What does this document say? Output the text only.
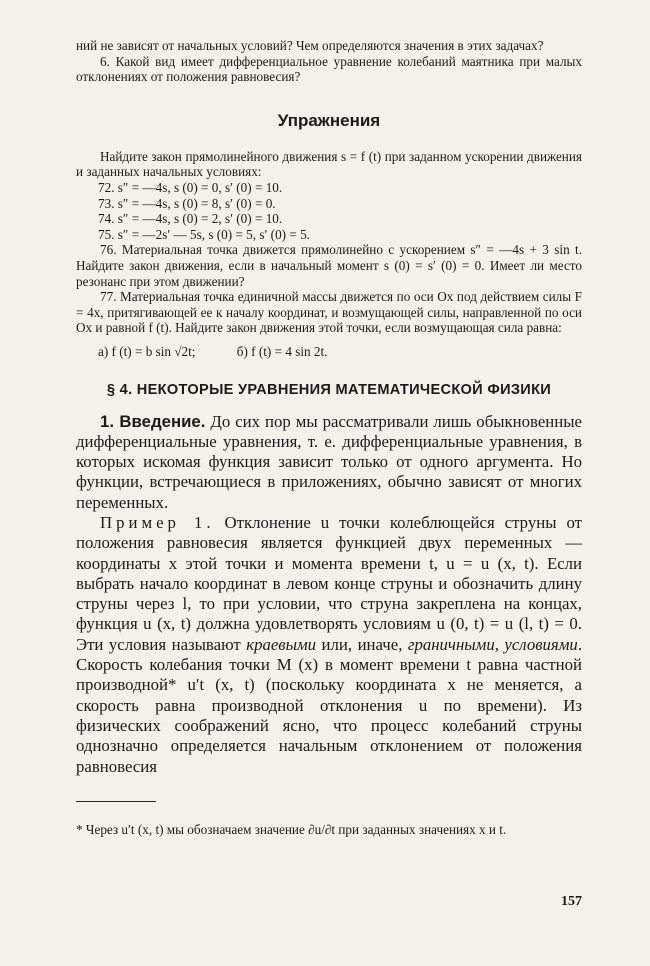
ний не зависят от начальных условий? Чем определяются значения в этих задачах?

6. Какой вид имеет дифференциальное уравнение колебаний маятника при малых отклонениях от положения равновесия?

Упражнения

Найдите закон прямолинейного движения s = f (t) при заданном ускорении движения и заданных начальных условиях:

72. s″ = —4s, s (0) = 0, s′ (0) = 10.

73. s″ = —4s, s (0) = 8, s′ (0) = 0.

74. s″ = —4s, s (0) = 2, s′ (0) = 10.

75. s″ = —2s′ — 5s, s (0) = 5, s′ (0) = 5.

76. Материальная точка движется прямолинейно с ускорением s″ = —4s + 3 sin t. Найдите закон движения, если в начальный момент s (0) = s′ (0) = 0. Имеет ли место резонанс при этом движении?

77. Материальная точка единичной массы движется по оси Ox под действием силы F = 4x, притягивающей ее к началу координат, и возмущающей силы, направленной по оси Ox и равной f (t). Найдите закон движения этой точки, если возмущающая сила равна:

а) f (t) = b sin √2t;	б) f (t) = 4 sin 2t.
§ 4. НЕКОТОРЫЕ УРАВНЕНИЯ МАТЕМАТИЧЕСКОЙ ФИЗИКИ

1. Введение. До сих пор мы рассматривали лишь обыкновенные дифференциальные уравнения, т. е. дифференциальные уравнения, в которых искомая функция зависит только от одного аргумента. Но функции, встречающиеся в приложениях, обычно зависят от многих переменных.

Пример 1. Отклонение u точки колеблющейся струны от положения равновесия является функцией двух переменных — координаты x этой точки и момента времени t, u = u (x, t). Если выбрать начало координат в левом конце струны и обозначить длину струны через l, то при условии, что струна закреплена на концах, функция u (x, t) должна удовлетворять условиям u (0, t) = u (l, t) = 0. Эти условия называют краевыми или, иначе, граничными, условиями. Скорость колебания точки M (x) в момент времени t равна частной производной* u′t (x, t) (поскольку координата x не меняется, а скорость равна производной отклонения u по времени). Из физических соображений ясно, что процесс колебаний струны однозначно определяется начальным отклонением от положения равновесия

* Через u′t (x, t) мы обозначаем значение ∂u/∂t при заданных значениях x и t.

157
